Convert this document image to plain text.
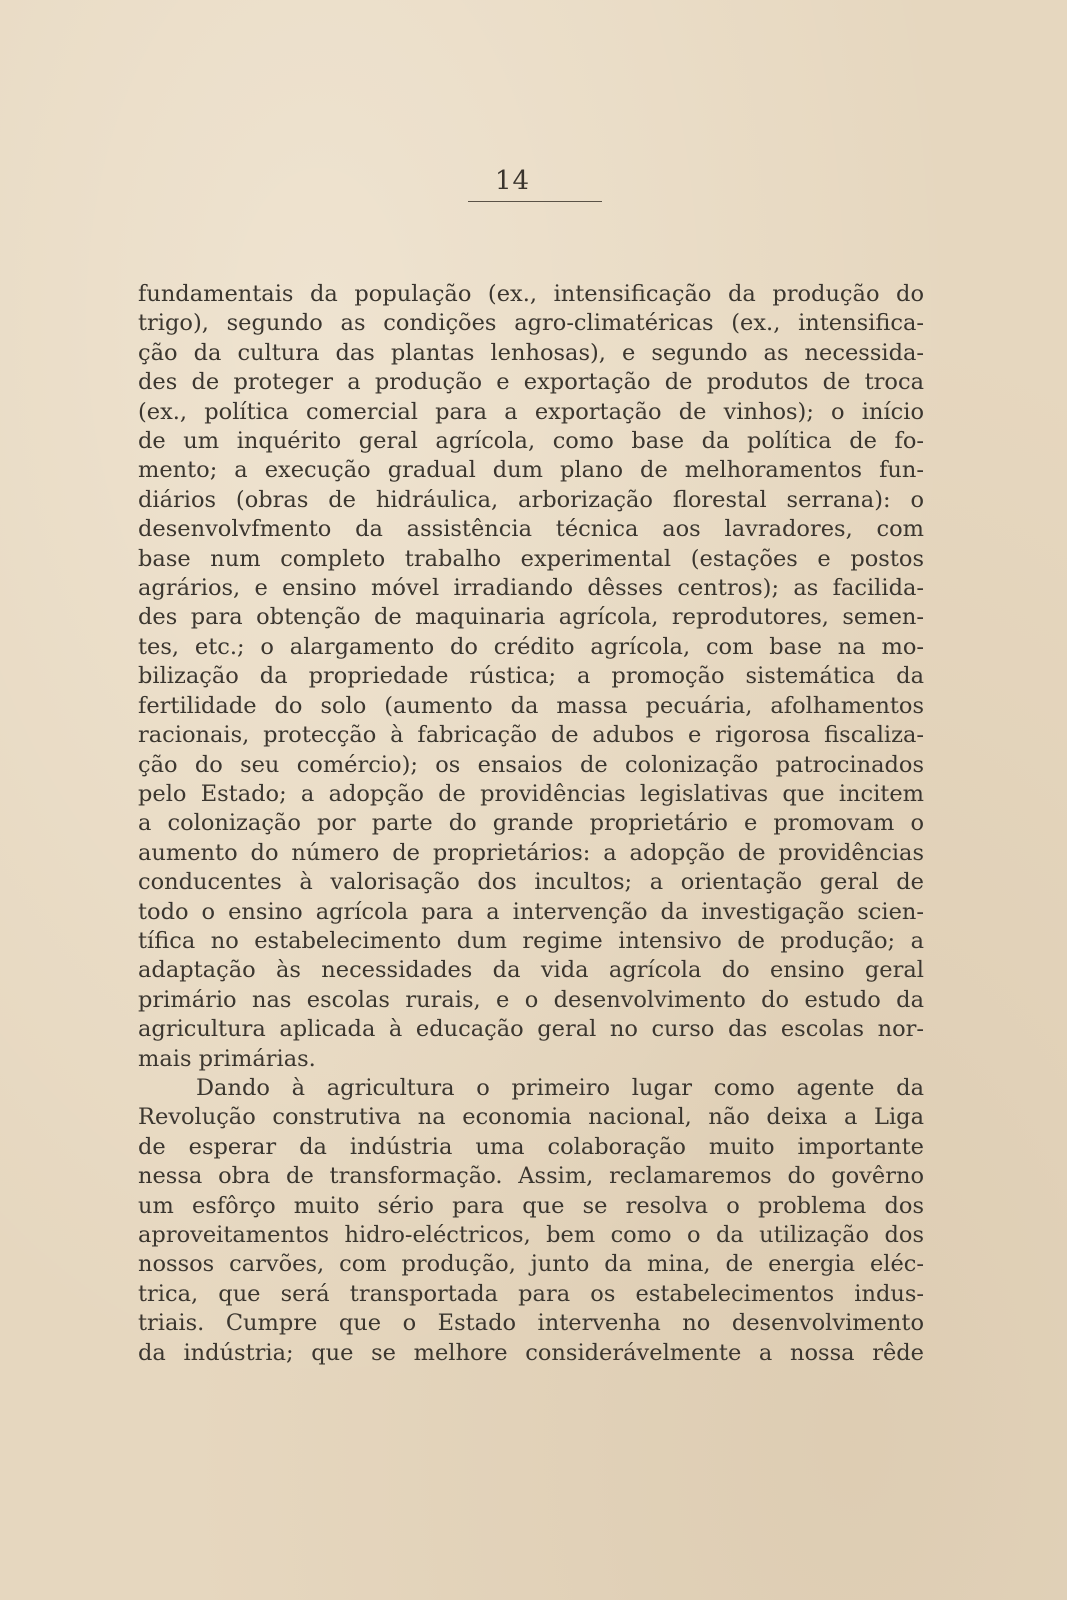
14
fundamentais da população (ex., intensificação da produção do
trigo), segundo as condições agro-climatéricas (ex., intensifica-
ção da cultura das plantas lenhosas), e segundo as necessida-
des de proteger a produção e exportação de produtos de troca
(ex., política comercial para a exportação de vinhos); o início
de um inquérito geral agrícola, como base da política de fo-
mento; a execução gradual dum plano de melhoramentos fun-
diários (obras de hidráulica, arborização florestal serrana): o
desenvolvfmento da assistência técnica aos lavradores, com
base num completo trabalho experimental (estações e postos
agrários, e ensino móvel irradiando dêsses centros); as facilida-
des para obtenção de maquinaria agrícola, reprodutores, semen-
tes, etc.; o alargamento do crédito agrícola, com base na mo-
bilização da propriedade rústica; a promoção sistemática da
fertilidade do solo (aumento da massa pecuária, afolhamentos
racionais, protecção à fabricação de adubos e rigorosa fiscaliza-
ção do seu comércio); os ensaios de colonização patrocinados
pelo Estado; a adopção de providências legislativas que incitem
a colonização por parte do grande proprietário e promovam o
aumento do número de proprietários: a adopção de providências
conducentes à valorisação dos incultos; a orientação geral de
todo o ensino agrícola para a intervenção da investigação scien-
tífica no estabelecimento dum regime intensivo de produção; a
adaptação às necessidades da vida agrícola do ensino geral
primário nas escolas rurais, e o desenvolvimento do estudo da
agricultura aplicada à educação geral no curso das escolas nor-
mais primárias.
Dando à agricultura o primeiro lugar como agente da
Revolução construtiva na economia nacional, não deixa a Liga
de esperar da indústria uma colaboração muito importante
nessa obra de transformação. Assim, reclamaremos do govêrno
um esfôrço muito sério para que se resolva o problema dos
aproveitamentos hidro-eléctricos, bem como o da utilização dos
nossos carvões, com produção, junto da mina, de energia eléc-
trica, que será transportada para os estabelecimentos indus-
triais. Cumpre que o Estado intervenha no desenvolvimento
da indústria; que se melhore considerávelmente a nossa rêde
